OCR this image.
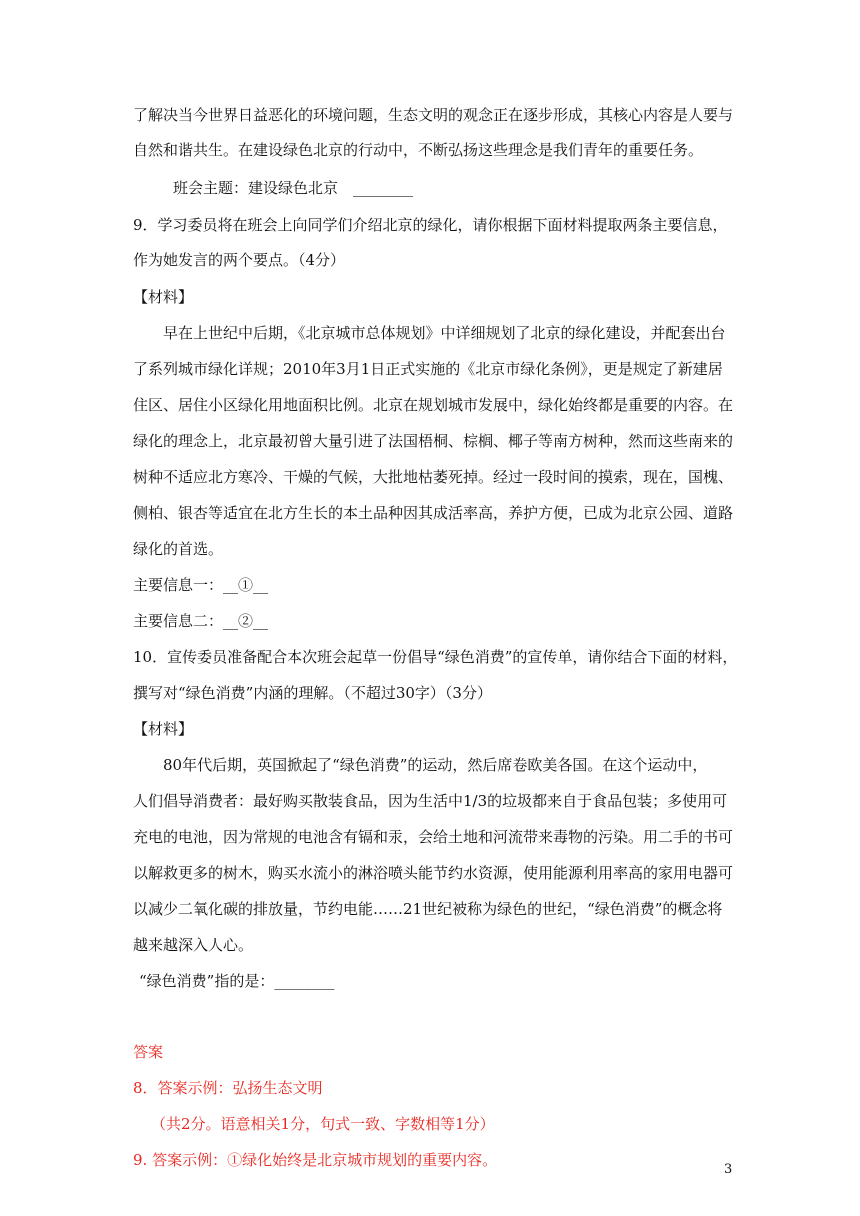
了解决当今世界日益恶化的环境问题，生态文明的观念正在逐步形成，其核心内容是人要与
自然和谐共生。在建设绿色北京的行动中，不断弘扬这些理念是我们青年的重要任务。
班会主题：建设绿色北京　________
9．学习委员将在班会上向同学们介绍北京的绿化，请你根据下面材料提取两条主要信息，
作为她发言的两个要点。（4分）
【材料】
早在上世纪中后期，《北京城市总体规划》中详细规划了北京的绿化建设，并配套出台
了系列城市绿化详规；2010年3月1日正式实施的《北京市绿化条例》，更是规定了新建居
住区、居住小区绿化用地面积比例。北京在规划城市发展中，绿化始终都是重要的内容。在
绿化的理念上，北京最初曾大量引进了法国梧桐、棕榈、椰子等南方树种，然而这些南来的
树种不适应北方寒冷、干燥的气候，大批地枯萎死掉。经过一段时间的摸索，现在，国槐、
侧柏、银杏等适宜在北方生长的本土品种因其成活率高，养护方便，已成为北京公园、道路
绿化的首选。
主要信息一：__①__
主要信息二：__②__
10．宣传委员准备配合本次班会起草一份倡导“绿色消费”的宣传单，请你结合下面的材料，
撰写对“绿色消费”内涵的理解。（不超过30字）（3分）
【材料】
80年代后期，英国掀起了“绿色消费”的运动，然后席卷欧美各国。在这个运动中，
人们倡导消费者：最好购买散装食品，因为生活中1/3的垃圾都来自于食品包装；多使用可
充电的电池，因为常规的电池含有镉和汞，会给土地和河流带来毒物的污染。用二手的书可
以解救更多的树木，购买水流小的淋浴喷头能节约水资源，使用能源利用率高的家用电器可
以减少二氧化碳的排放量，节约电能……21世纪被称为绿色的世纪，“绿色消费”的概念将
越来越深入人心。
“绿色消费”指的是：________
答案
8．答案示例：弘扬生态文明
（共2分。语意相关1分，句式一致、字数相等1分）
9. 答案示例：①绿化始终是北京城市规划的重要内容。
3
